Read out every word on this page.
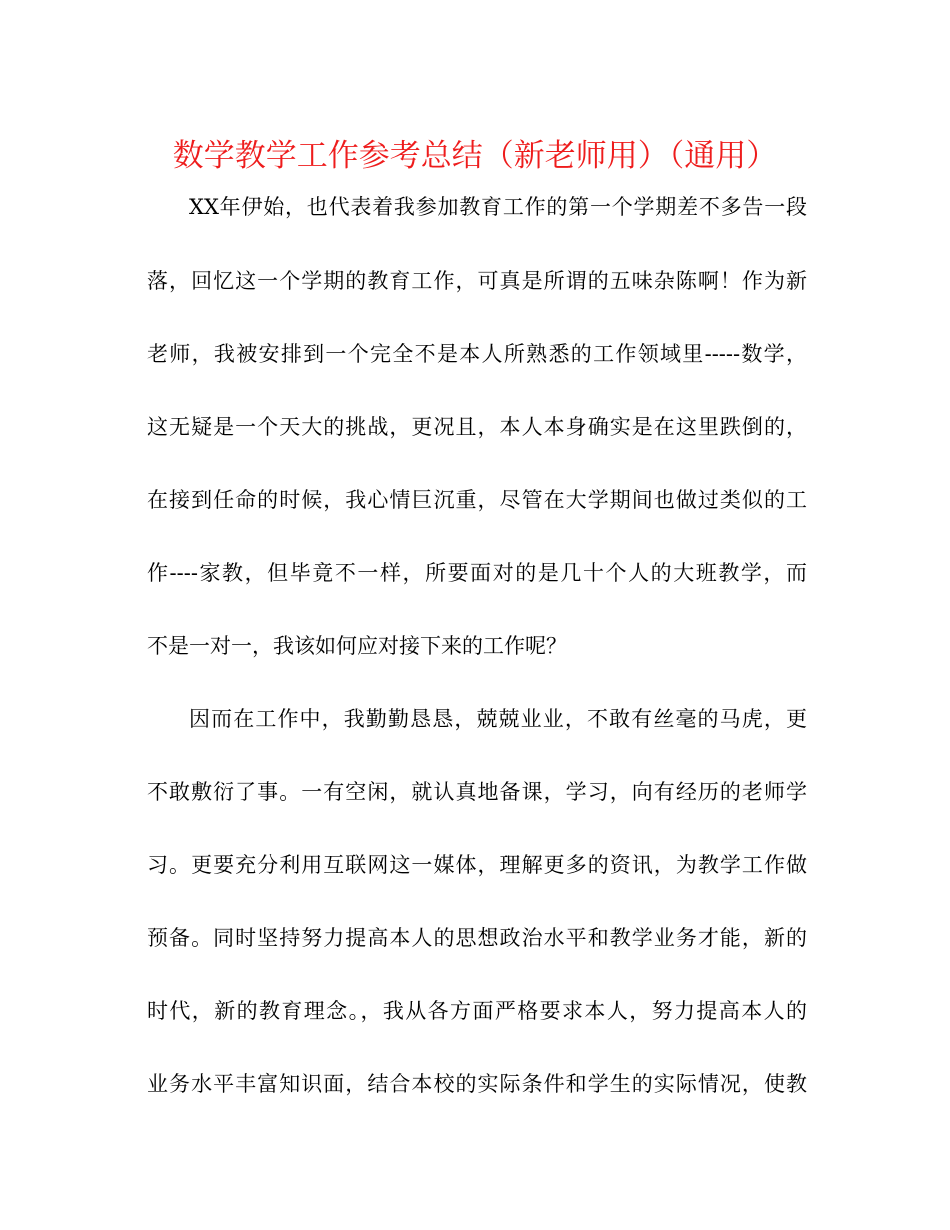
数学教学工作参考总结（新老师用）（通用）
XX年伊始，也代表着我参加教育工作的第一个学期差不多告一段
落，回忆这一个学期的教育工作，可真是所谓的五味杂陈啊！作为新
老师，我被安排到一个完全不是本人所熟悉的工作领域里-----数学，
这无疑是一个天大的挑战，更况且，本人本身确实是在这里跌倒的，
在接到任命的时候，我心情巨沉重，尽管在大学期间也做过类似的工
作----家教，但毕竟不一样，所要面对的是几十个人的大班教学，而
不是一对一，我该如何应对接下来的工作呢？
因而在工作中，我勤勤恳恳，兢兢业业，不敢有丝毫的马虎，更
不敢敷衍了事。一有空闲，就认真地备课，学习，向有经历的老师学
习。更要充分利用互联网这一媒体，理解更多的资讯，为教学工作做
预备。同时坚持努力提高本人的思想政治水平和教学业务才能，新的
时代，新的教育理念。，我从各方面严格要求本人，努力提高本人的
业务水平丰富知识面，结合本校的实际条件和学生的实际情况，使教
